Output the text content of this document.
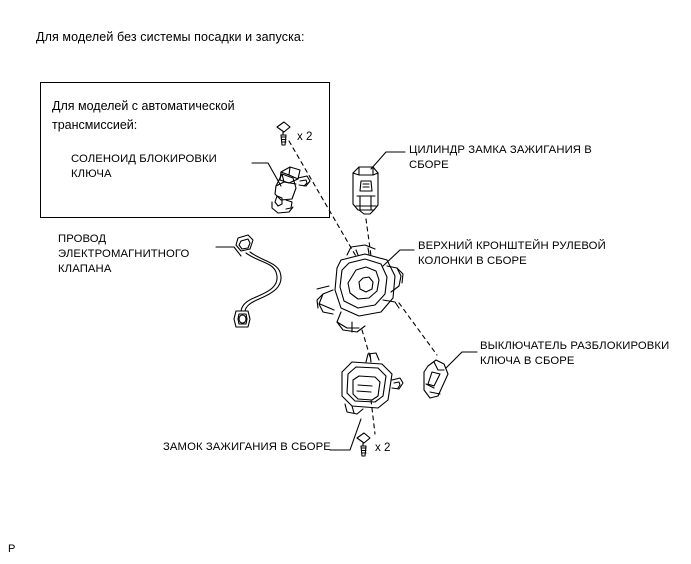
Для моделей без системы посадки и запуска:
Для моделей с автоматической трансмиссией:
СОЛЕНОИД БЛОКИРОВКИ КЛЮЧА
ЦИЛИНДР ЗАМКА ЗАЖИГАНИЯ В СБОРЕ
ПРОВОД ЭЛЕКТРОМАГНИТНОГО КЛАПАНА
ВЕРХНИЙ КРОНШТЕЙН РУЛЕВОЙ КОЛОНКИ В СБОРЕ
ВЫКЛЮЧАТЕЛЬ РАЗБЛОКИРОВКИ КЛЮЧА В СБОРЕ
ЗАМОК ЗАЖИГАНИЯ В СБОРЕ
x 2
x 2
P
